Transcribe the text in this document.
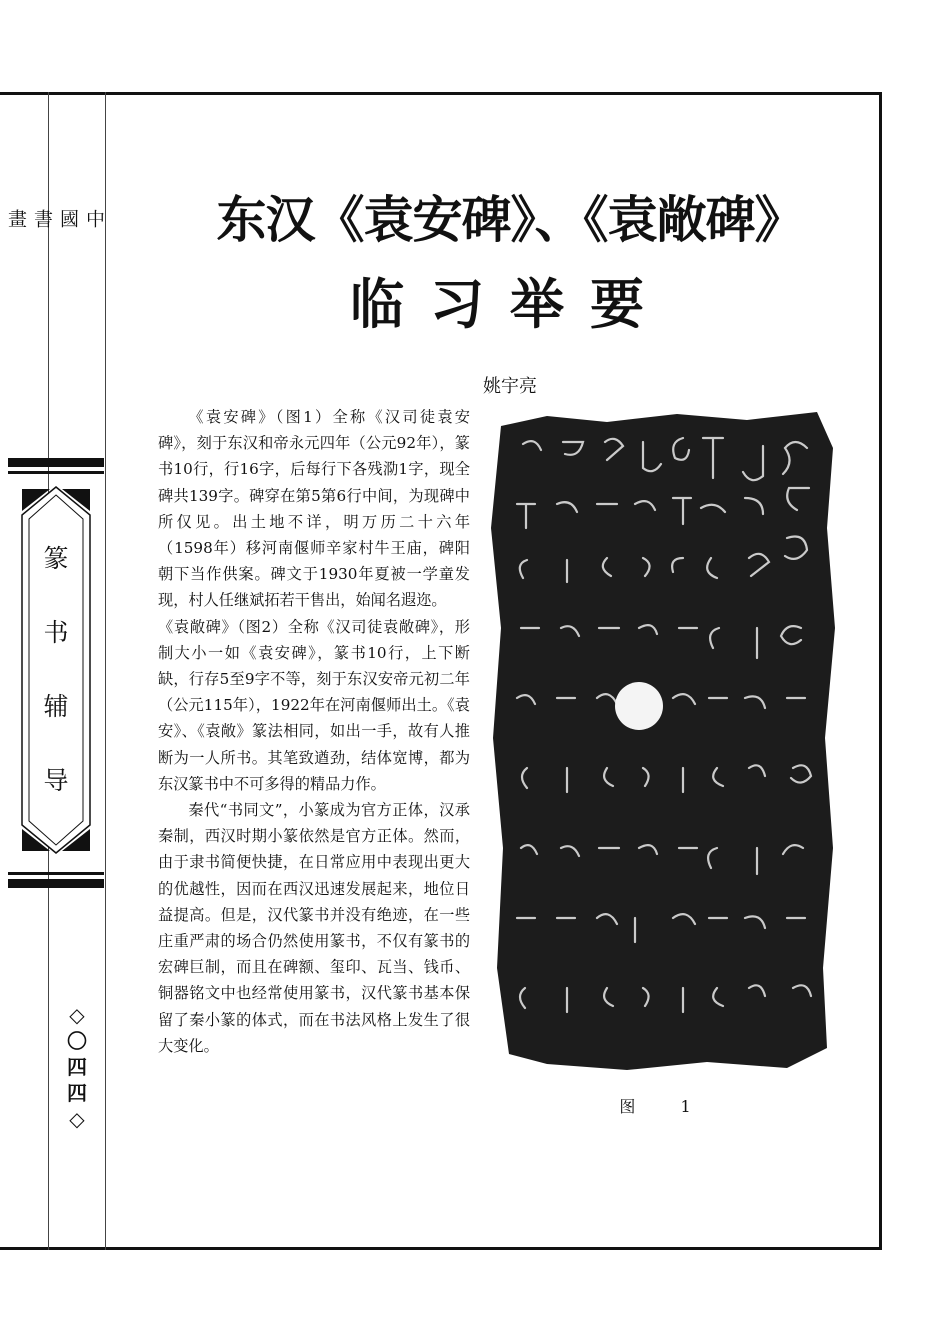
中國書畫
篆
书
辅
导
◇
〇
四
四
◇
东汉《袁安碑》、《袁敞碑》
临习举要
姚宇亮

《袁安碑》（图1）全称《汉司徒袁安碑》，刻于东汉和帝永元四年（公元92年），篆书10行，行16字，后每行下各残泐1字，现全碑共139字。碑穿在第5第6行中间，为现碑中所仅见。出土地不详，明万历二十六年（1598年）移河南偃师辛家村牛王庙，碑阳朝下当作供案。碑文于1930年夏被一学童发现，村人任继斌拓若干售出，始闻名遐迩。

《袁敞碑》（图2）全称《汉司徒袁敞碑》，形制大小一如《袁安碑》，篆书10行，上下断缺，行存5至9字不等，刻于东汉安帝元初二年（公元115年），1922年在河南偃师出土。《袁安》、《袁敞》篆法相同，如出一手，故有人推断为一人所书。其笔致遒劲，结体宽博，都为东汉篆书中不可多得的精品力作。

秦代“书同文”，小篆成为官方正体，汉承秦制，西汉时期小篆依然是官方正体。然而，由于隶书简便快捷，在日常应用中表现出更大的优越性，因而在西汉迅速发展起来，地位日益提高。但是，汉代篆书并没有绝迹，在一些庄重严肃的场合仍然使用篆书，不仅有篆书的宏碑巨制，而且在碑额、玺印、瓦当、钱币、铜器铭文中也经常使用篆书，汉代篆书基本保留了秦小篆的体式，而在书法风格上发生了很大变化。

图 1
